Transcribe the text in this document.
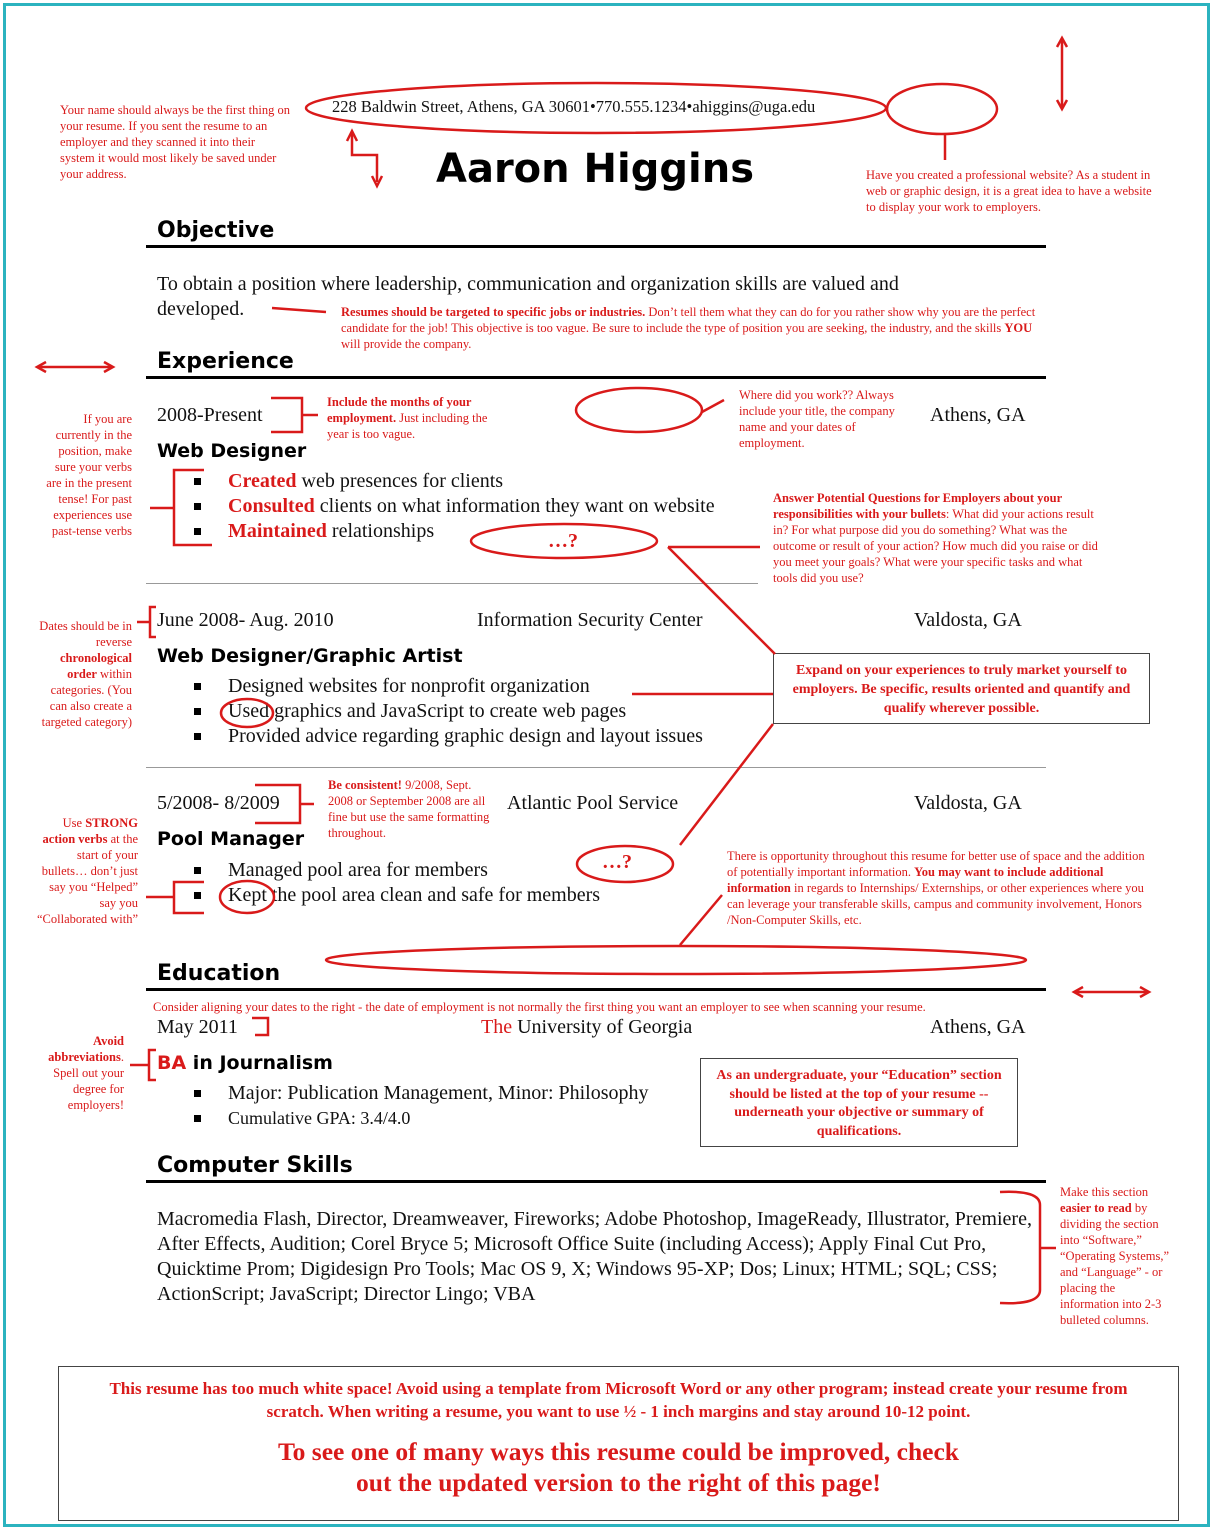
228 Baldwin Street, Athens, GA 30601•770.555.1234•ahiggins@uga.edu
Aaron Higgins
Your name should always be the first thing on your resume. If you sent the resume to an employer and they scanned it into their system it would most likely be saved under your address.	Have you created a professional website? As a student in web or graphic design, it is a great idea to have a website to display your work to employers.
Objective
To obtain a position where leadership, communication and organization skills are valued and developed.	Resumes should be targeted to specific jobs or industries. Don’t tell them what they can do for you rather show why you are the perfect candidate for the job! This objective is too vague. Be sure to include the type of position you are seeking, the industry, and the skills YOU will provide the company.
Experience
If you are currently in the position, make sure your verbs are in the present tense! For past experiences use past-tense verbs
2008-Present	Athens, GA
Web Designer
Created web presences for clients
Consulted clients on what information they want on website
Maintained relationships
Include the months of your employment. Just including the year is too vague.
Where did you work?? Always include your title, the company name and your dates of employment.
Answer Potential Questions for Employers about your responsibilities with your bullets: What did your actions result in? For what purpose did you do something? What was the outcome or result of your action? How much did you raise or did you meet your goals? What were your specific tasks and what tools did you use?
…?
June 2008- Aug. 2010	Information Security Center	Valdosta, GA
Web Designer/Graphic Artist
Designed websites for nonprofit organization
Used graphics and JavaScript to create web pages
Provided advice regarding graphic design and layout issues
Dates should be in reverse chronological order within categories. (You can also create a targeted category)
Expand on your experiences to truly market yourself to employers. Be specific, results oriented and quantify and qualify wherever possible.
5/2008- 8/2009	Atlantic Pool Service	Valdosta, GA
Pool Manager
Managed pool area for members
Kept the pool area clean and safe for members
Be consistent! 9/2008, Sept. 2008 or September 2008 are all fine but use the same formatting throughout.
Use STRONG action verbs at the start of your bullets… don’t just say you “Helped” say you “Collaborated with”
…?	There is opportunity throughout this resume for better use of space and the addition of potentially important information. You may want to include additional information in regards to Internships/ Externships, or other experiences where you can leverage your transferable skills, campus and community involvement, Honors /Non-Computer Skills, etc.
Education
Consider aligning your dates to the right - the date of employment is not normally the first thing you want an employer to see when scanning your resume.
May 2011	The University of Georgia	Athens, GA
BA in Journalism
Major: Publication Management, Minor: Philosophy
Cumulative GPA: 3.4/4.0
Avoid abbreviations. Spell out your degree for employers!
As an undergraduate, your “Education” section should be listed at the top of your resume -- underneath your objective or summary of qualifications.
Computer Skills
Macromedia Flash, Director, Dreamweaver, Fireworks; Adobe Photoshop, ImageReady, Illustrator, Premiere, After Effects, Audition; Corel Bryce 5; Microsoft Office Suite (including Access); Apply Final Cut Pro, Quicktime Prom; Digidesign Pro Tools; Mac OS 9, X; Windows 95-XP; Dos; Linux; HTML; SQL; CSS; ActionScript; JavaScript; Director Lingo; VBA
Make this section easier to read by dividing the section into “Software,” “Operating Systems,” and “Language” - or placing the information into 2-3 bulleted columns.
This resume has too much white space! Avoid using a template from Microsoft Word or any other program; instead create your resume from scratch. When writing a resume, you want to use ½ - 1 inch margins and stay around 10-12 point.
To see one of many ways this resume could be improved, check out the updated version to the right of this page!
